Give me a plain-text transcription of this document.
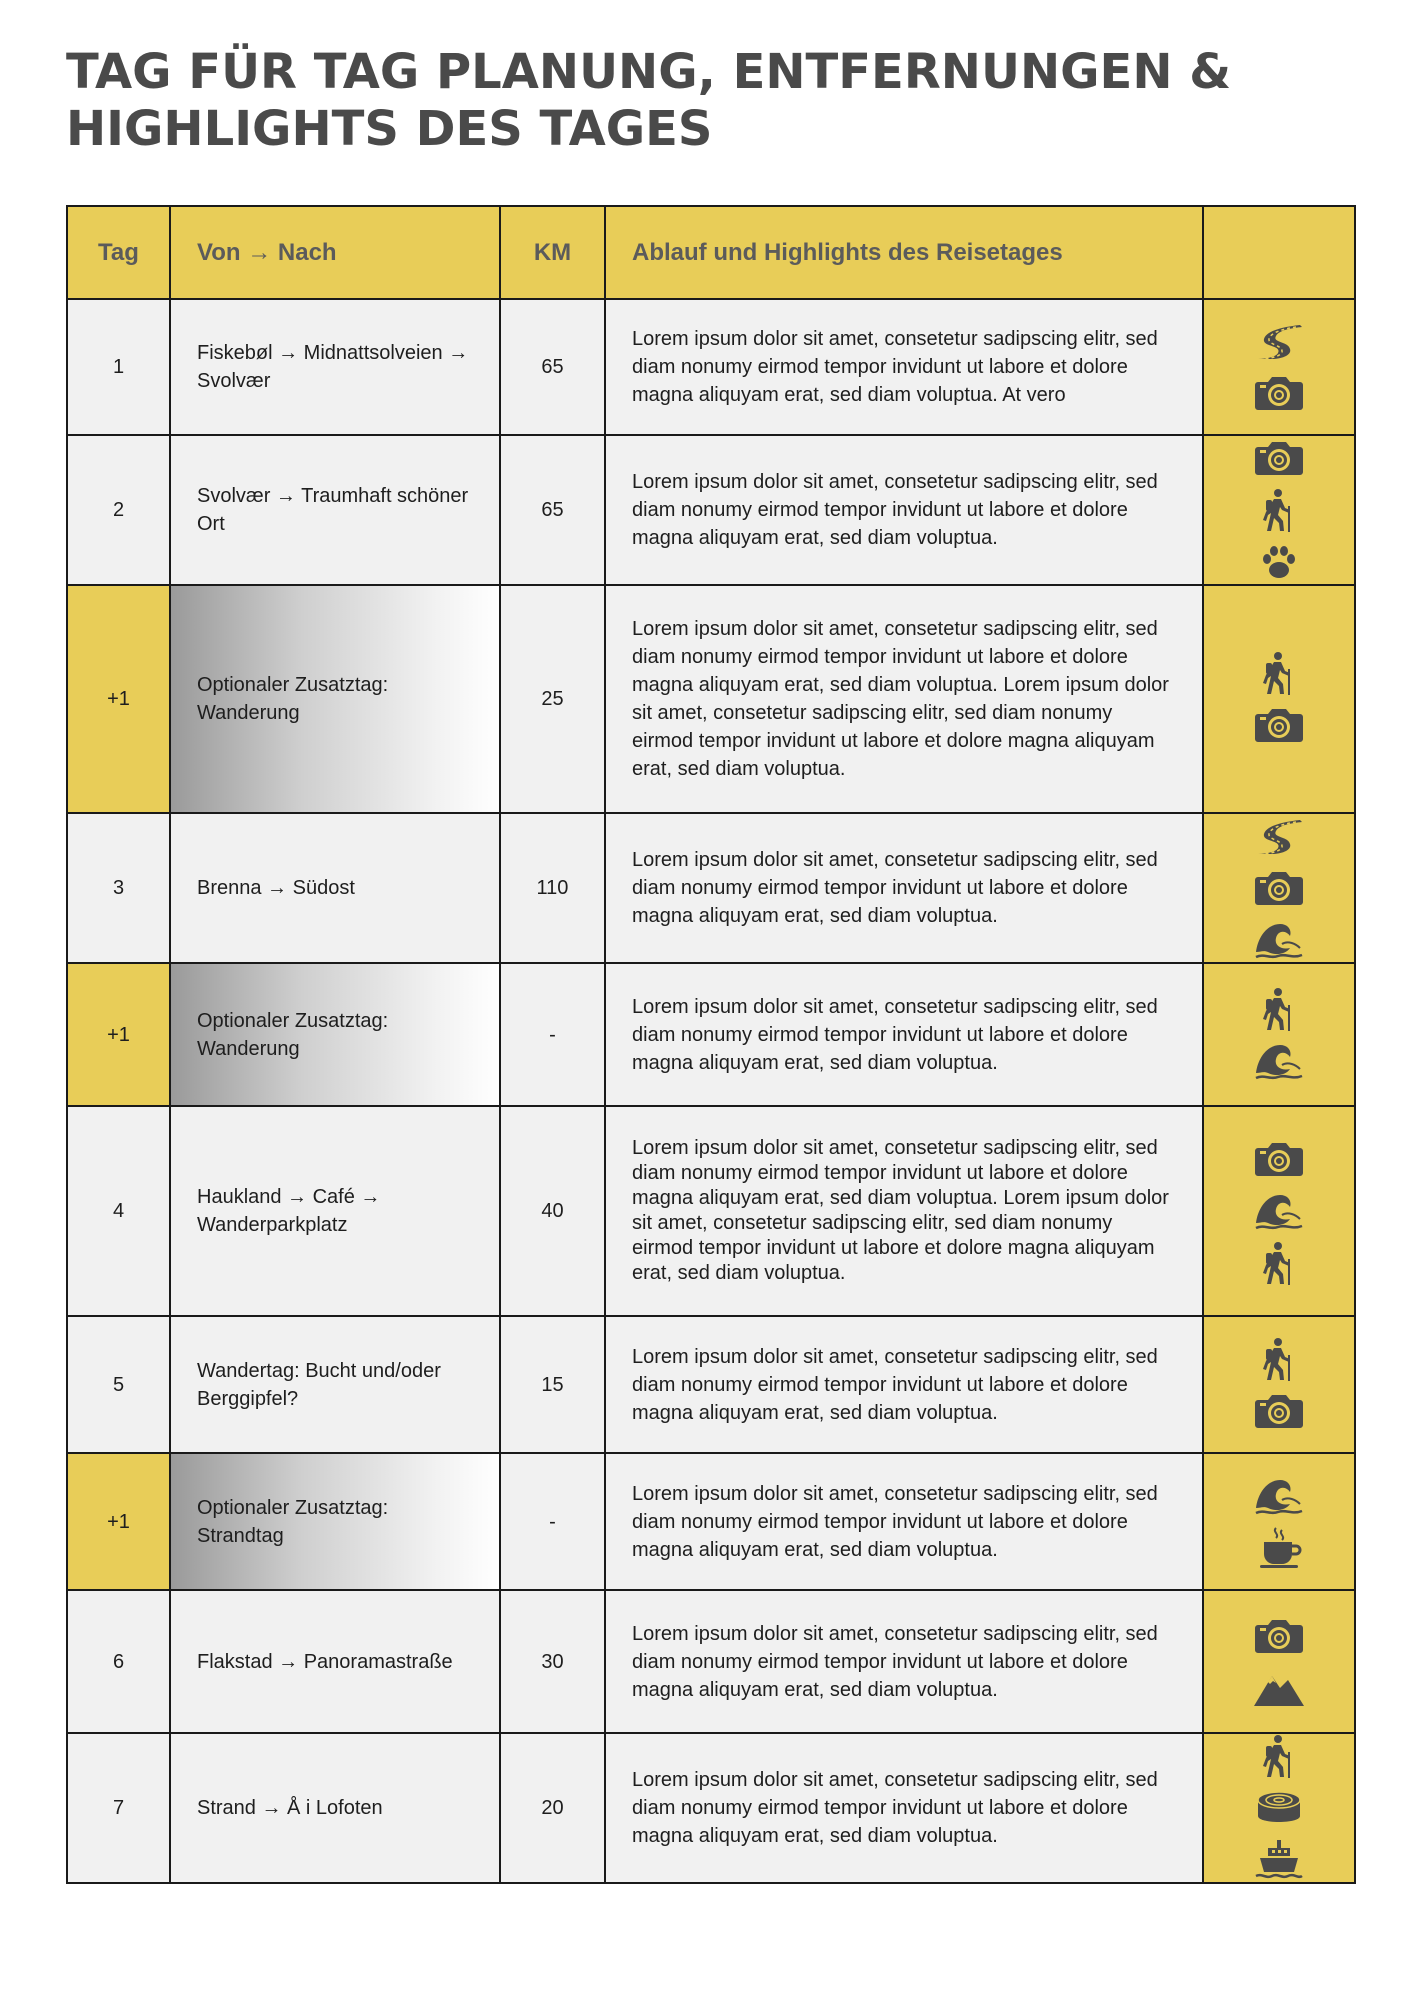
TAG FÜR TAG PLANUNG, ENTFERNUNGEN &
HIGHLIGHTS DES TAGES
Tag	Von → Nach	KM	Ablauf und Highlights des Reisetages	

1	Fiskebøl → Midnattsolveien → Svolvær	65	Lorem ipsum dolor sit amet, consetetur sadipscing elitr, sed diam nonumy eirmod tempor invidunt ut labore et dolore magna aliquyam erat, sed diam voluptua. At vero

2	Svolvær → Traumhaft schöner Ort	65	Lorem ipsum dolor sit amet, consetetur sadipscing elitr, sed diam nonumy eirmod tempor invidunt ut labore et dolore magna aliquyam erat, sed diam voluptua.

+1	Optionaler Zusatztag: Wanderung	25	Lorem ipsum dolor sit amet, consetetur sadipscing elitr, sed diam nonumy eirmod tempor invidunt ut labore et dolore magna aliquyam erat, sed diam voluptua. Lorem ipsum dolor sit amet, consetetur sadipscing elitr, sed diam nonumy eirmod tempor invidunt ut labore et dolore magna aliquyam erat, sed diam voluptua.

3	Brenna → Südost	110	Lorem ipsum dolor sit amet, consetetur sadipscing elitr, sed diam nonumy eirmod tempor invidunt ut labore et dolore magna aliquyam erat, sed diam voluptua.

+1	Optionaler Zusatztag: Wanderung	-	Lorem ipsum dolor sit amet, consetetur sadipscing elitr, sed diam nonumy eirmod tempor invidunt ut labore et dolore magna aliquyam erat, sed diam voluptua.

4	Haukland → Café → Wanderparkplatz	40	Lorem ipsum dolor sit amet, consetetur sadipscing elitr, sed diam nonumy eirmod tempor invidunt ut labore et dolore magna aliquyam erat, sed diam voluptua. Lorem ipsum dolor sit amet, consetetur sadipscing elitr, sed diam nonumy eirmod tempor invidunt ut labore et dolore magna aliquyam erat, sed diam voluptua.

5	Wandertag: Bucht und/oder Berggipfel?	15	Lorem ipsum dolor sit amet, consetetur sadipscing elitr, sed diam nonumy eirmod tempor invidunt ut labore et dolore magna aliquyam erat, sed diam voluptua.

+1	Optionaler Zusatztag: Strandtag	-	Lorem ipsum dolor sit amet, consetetur sadipscing elitr, sed diam nonumy eirmod tempor invidunt ut labore et dolore magna aliquyam erat, sed diam voluptua.

6	Flakstad → Panoramastraße	30	Lorem ipsum dolor sit amet, consetetur sadipscing elitr, sed diam nonumy eirmod tempor invidunt ut labore et dolore magna aliquyam erat, sed diam voluptua.

7	Strand → Å i Lofoten	20	Lorem ipsum dolor sit amet, consetetur sadipscing elitr, sed diam nonumy eirmod tempor invidunt ut labore et dolore magna aliquyam erat, sed diam voluptua.
